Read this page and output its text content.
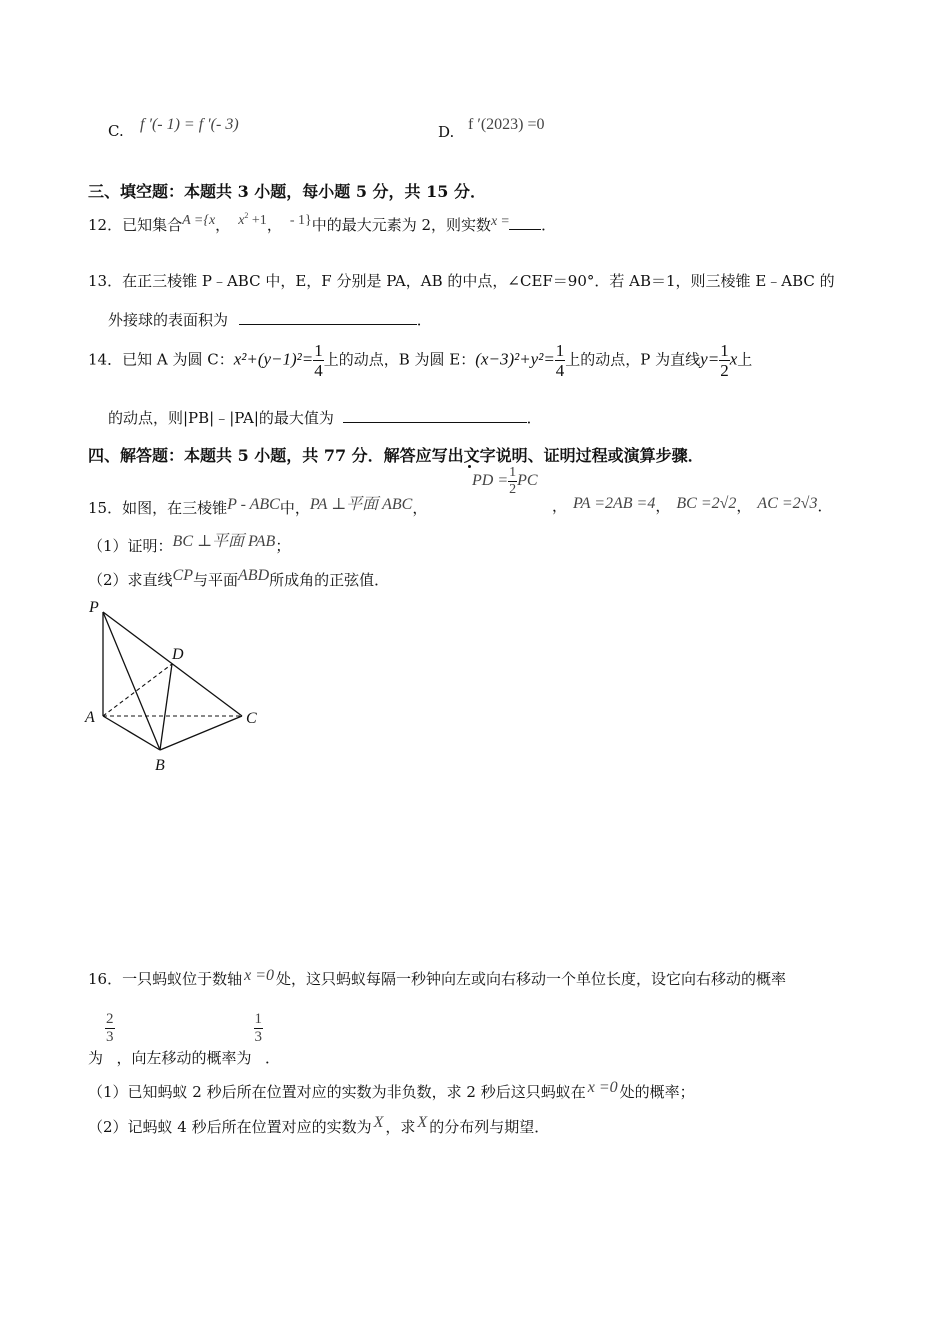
C. f ′(- 1) = f ′(- 3)	D. f ′(2023) =0
三、填空题：本题共 3 小题，每小题 5 分，共 15 分．
12．已知集合A ={x， $x^2 +1$， - 1}中的最大元素为 2，则实数x = ．
13．在正三棱锥 P﹣ABC 中，E，F 分别是 PA，AB 的中点，∠CEF＝90°．若 AB＝1，则三棱锥 E﹣ABC 的
外接球的表面积为	．
14．已知 A 为圆 C：$x^2+(y-1)^2= \frac{1}{4}$ 上的动点，B 为圆 E：$(x-3)^2+y^2= \frac{1}{4}$ 上的动点，P 为直线$y= \frac{1}{2}$ x上
的动点，则|PB|﹣|PA|的最大值为	．
四、解答题：本题共 5 小题，共 77 分．解答应写出文字说明、证明过程或演算步骤．
15．如图，在三棱锥P - ABC中，PA ⊥平面 ABC，
PD = $\frac{1}{2}$ PC
， PA =2AB =4， BC =2√2， AC =2√3．
（1）证明：BC ⊥平面 PAB；
（2）求直线CP与平面ABD所成角的正弦值．
P
D
A	C
B
16．一只蚂蚁位于数轴 x =0 处，这只蚂蚁每隔一秒钟向左或向右移动一个单位长度，设它向右移动的概率
为
$\frac{2}{3}$
，向左移动的概率为
$\frac{1}{3}$
．
（1）已知蚂蚁 2 秒后所在位置对应的实数为非负数，求 2 秒后这只蚂蚁在 x =0 处的概率；
（2）记蚂蚁 4 秒后所在位置对应的实数为 X ，求 X 的分布列与期望．
